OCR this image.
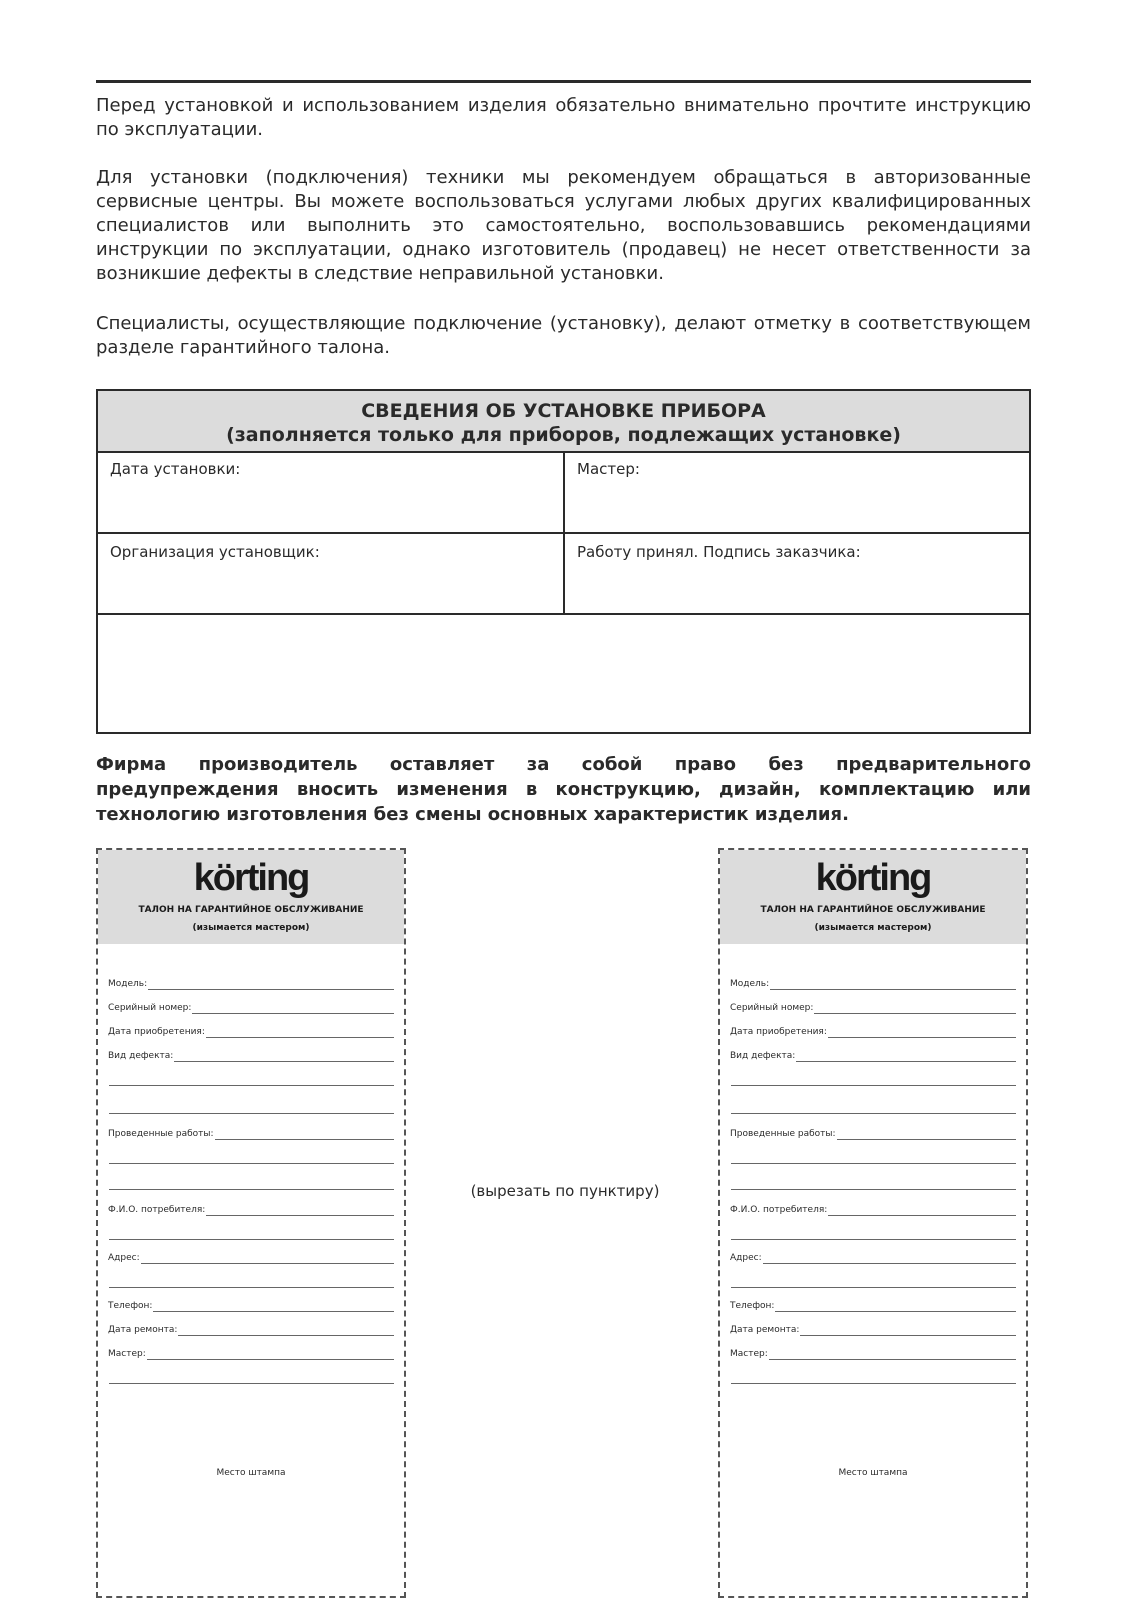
Перед установкой и использованием изделия обязательно внимательно прочтите инструкцию по эксплуатации.

Для установки (подключения) техники мы рекомендуем обращаться в авторизованные сервисные центры. Вы можете воспользоваться услугами любых других квалифицированных специалистов или выполнить это самостоятельно, воспользовавшись рекомендациями инструкции по эксплуатации, однако изготовитель (продавец) не несет ответственности за возникшие дефекты в следствие неправильной установки.

Специалисты, осуществляющие подключение (установку), делают отметку в соответствующем разделе гарантийного талона.

СВЕДЕНИЯ ОБ УСТАНОВКЕ ПРИБОРА
(заполняется только для приборов, подлежащих установке)
Дата установки:	Мастер:
Организация установщик:	Работу принял. Подпись заказчика:

Фирма производитель оставляет за собой право без предварительного предупреждения вносить изменения в конструкцию, дизайн, комплектацию или технологию изготовления без смены основных характеристик изделия.

körting
ТАЛОН НА ГАРАНТИЙНОЕ ОБСЛУЖИВАНИЕ
(изымается мастером)
Модель:
Серийный номер:
Дата приобретения:
Вид дефекта:
Проведенные работы:
Ф.И.О. потребителя:
Адрес:
Телефон:
Дата ремонта:
Мастер:
Место штампа
(вырезать по пунктиру)
körting
ТАЛОН НА ГАРАНТИЙНОЕ ОБСЛУЖИВАНИЕ
(изымается мастером)
Модель:
Серийный номер:
Дата приобретения:
Вид дефекта:
Проведенные работы:
Ф.И.О. потребителя:
Адрес:
Телефон:
Дата ремонта:
Мастер:
Место штампа
